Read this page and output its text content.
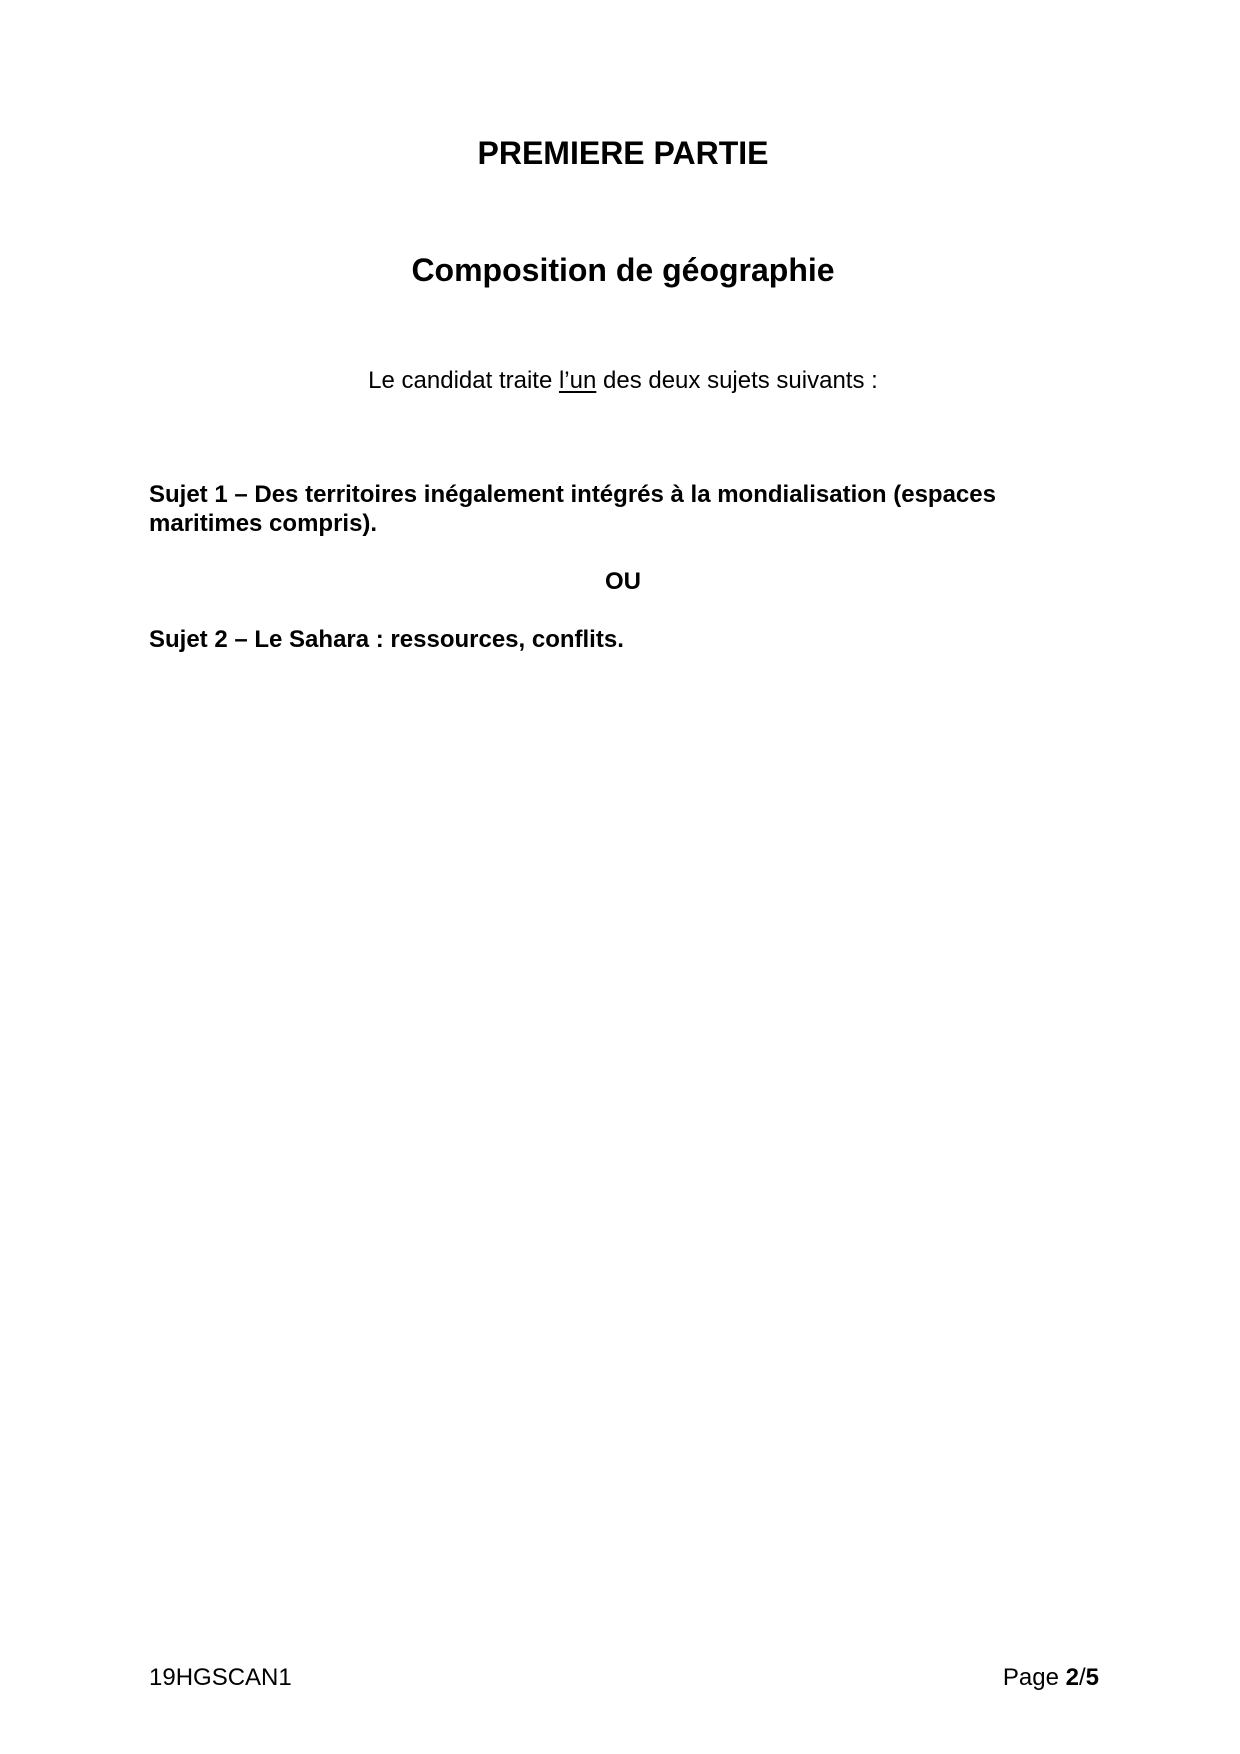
PREMIERE PARTIE
Composition de géographie

Le candidat traite l’un des deux sujets suivants :

Sujet 1 – Des territoires inégalement intégrés à la mondialisation (espaces maritimes compris).

OU

Sujet 2 – Le Sahara : ressources, conflits.

19HGSCAN1	Page 2/5
